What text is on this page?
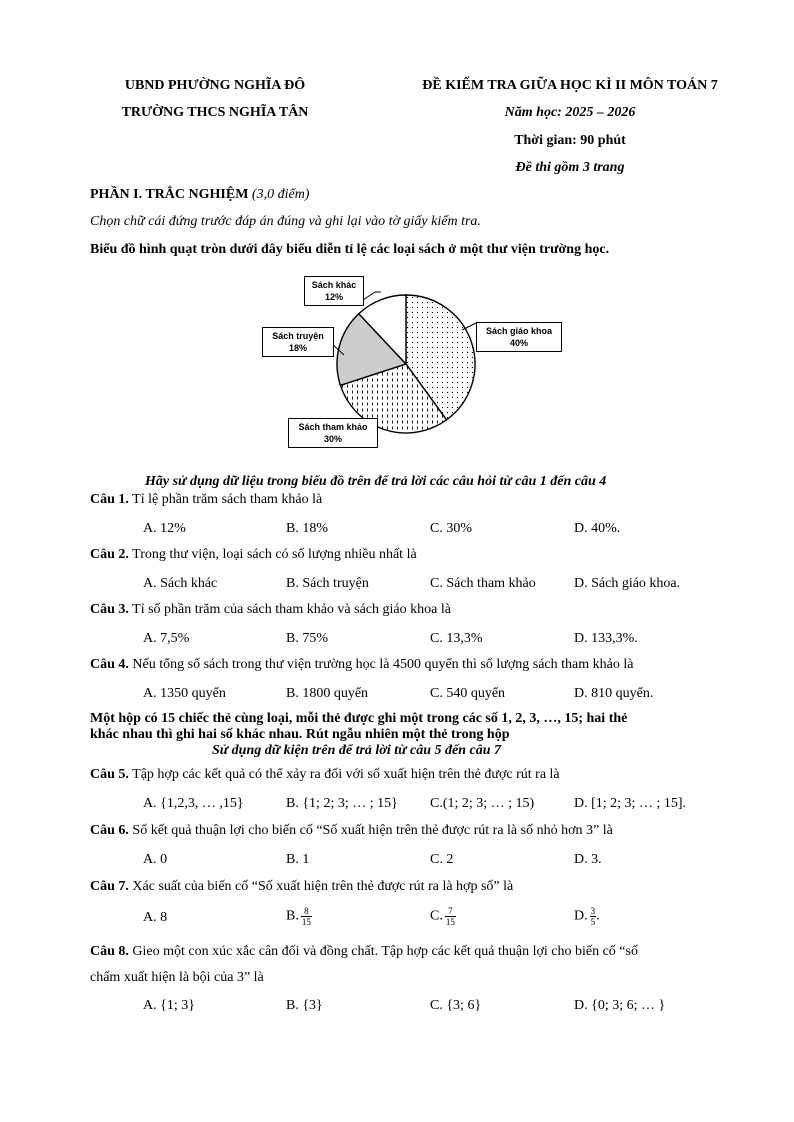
UBND PHƯỜNG NGHĨA ĐÔ
TRƯỜNG THCS NGHĨA TÂN
ĐỀ KIỂM TRA GIỮA HỌC KÌ II MÔN TOÁN 7
Năm học: 2025 – 2026
Thời gian: 90 phút
Đề thi gồm 3 trang
PHẦN I. TRẮC NGHIỆM (3,0 điểm)
Chọn chữ cái đứng trước đáp án đúng và ghi lại vào tờ giấy kiểm tra.
Biểu đồ hình quạt tròn dưới đây biểu diễn tỉ lệ các loại sách ở một thư viện trường học.
Sách giáo khoa
40%
Sách tham khảo
30%
Sách truyện
18%
Sách khác
12%
Hãy sử dụng dữ liệu trong biểu đồ trên để trả lời các câu hỏi từ câu 1 đến câu 4
Câu 1. Tỉ lệ phần trăm sách tham khảo là
A. 12%	B. 18%	C. 30%	D. 40%.
Câu 2. Trong thư viện, loại sách có số lượng nhiều nhất là
A. Sách khác	B. Sách truyện	C. Sách tham khảo	D. Sách giáo khoa.
Câu 3. Tỉ số phần trăm của sách tham khảo và sách giáo khoa là
A. 7,5%	B. 75%	C. 13,3%	D. 133,3%.
Câu 4. Nếu tổng số sách trong thư viện trường học là 4500 quyển thì số lượng sách tham khảo là
A. 1350 quyển	B. 1800 quyển	C. 540 quyển	D. 810 quyển.
Một hộp có 15 chiếc thẻ cùng loại, mỗi thẻ được ghi một trong các số 1, 2, 3, …, 15; hai thẻ
khác nhau thì ghi hai số khác nhau. Rút ngẫu nhiên một thẻ trong hộp
Sử dụng dữ kiện trên để trả lời từ câu 5 đến câu 7
Câu 5. Tập hợp các kết quả có thể xảy ra đối với số xuất hiện trên thẻ được rút ra là
A. {1,2,3, … ,15}	B. {1; 2; 3; … ; 15} C.(1; 2; 3; … ; 15)	D. [1; 2; 3; … ; 15].
Câu 6. Số kết quả thuận lợi cho biến cố “Số xuất hiện trên thẻ được rút ra là số nhỏ hơn 3” là
A. 0	B. 1	C. 2	D. 3.
Câu 7. Xác suất của biến cố “Số xuất hiện trên thẻ được rút ra là hợp số” là
A. 8	B. $\frac{8}{15}$	C. $\frac{7}{15}$	D. $\frac{3}{5}$ .
Câu 8. Gieo một con xúc xắc cân đối và đồng chất. Tập hợp các kết quả thuận lợi cho biến cố “số
chấm xuất hiện là bội của 3” là
A. {1; 3}	B. {3}	C. {3; 6}	D. {0; 3; 6; … }
